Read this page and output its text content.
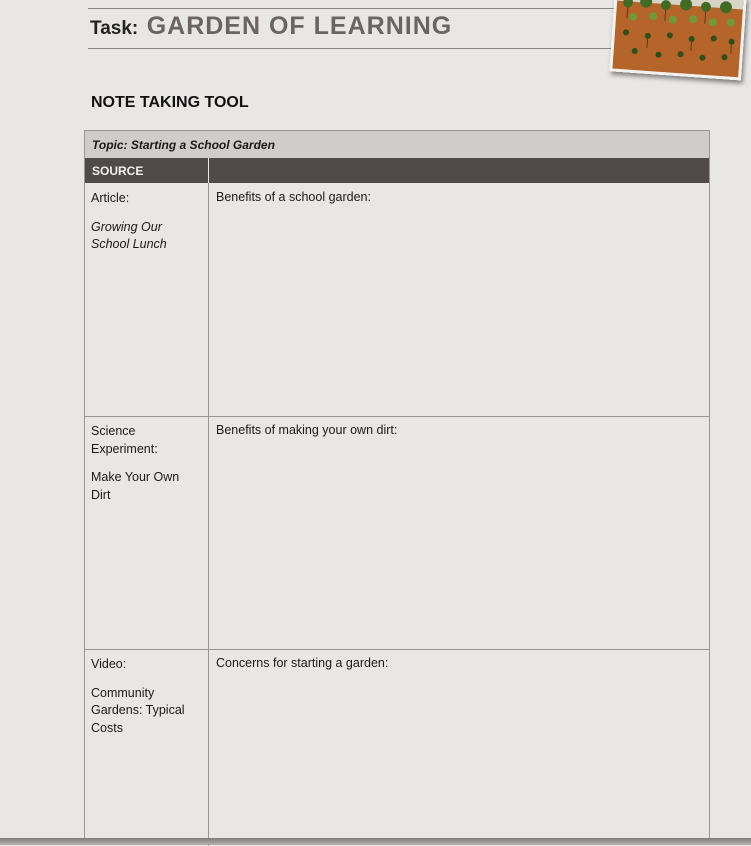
Task: GARDEN OF LEARNING
NOTE TAKING TOOL
Topic: Starting a School Garden
SOURCE

Article:

Growing Our School Lunch

Benefits of a school garden:

Science Experiment:

Make Your Own Dirt

Benefits of making your own dirt:

Video:

Community Gardens: Typical Costs

Concerns for starting a garden:
